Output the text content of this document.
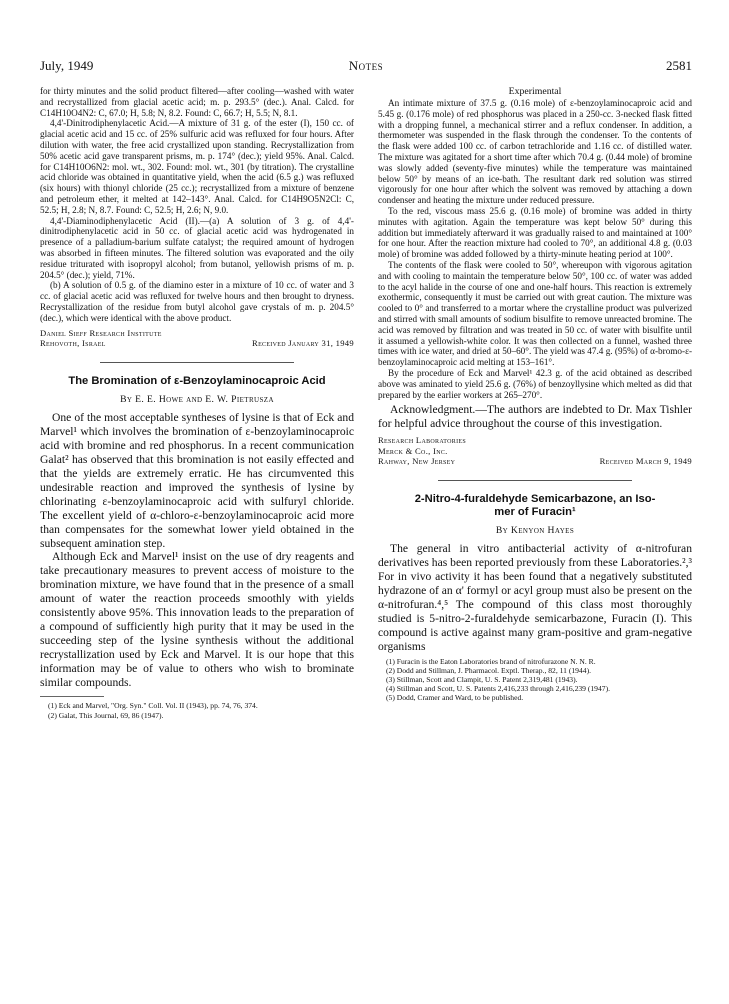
July, 1949	Notes	2581

for thirty minutes and the solid product filtered—after cooling—washed with water and recrystallized from glacial acetic acid; m. p. 293.5° (dec.). Anal. Calcd. for C14H10O4N2: C, 67.0; H, 5.8; N, 8.2. Found: C, 66.7; H, 5.5; N, 8.1.

4,4'-Dinitrodiphenylacetic Acid.—A mixture of 31 g. of the ester (I), 150 cc. of glacial acetic acid and 15 cc. of 25% sulfuric acid was refluxed for four hours. After dilution with water, the free acid crystallized upon standing. Recrystallization from 50% acetic acid gave transparent prisms, m. p. 174° (dec.); yield 95%. Anal. Calcd. for C14H10O6N2: mol. wt., 302. Found: mol. wt., 301 (by titration). The crystalline acid chloride was obtained in quantitative yield, when the acid (6.5 g.) was refluxed (six hours) with thionyl chloride (25 cc.); recrystallized from a mixture of benzene and petroleum ether, it melted at 142–143°. Anal. Calcd. for C14H9O5N2Cl: C, 52.5; H, 2.8; N, 8.7. Found: C, 52.5; H, 2.6; N, 9.0.

4,4'-Diaminodiphenylacetic Acid (II).—(a) A solution of 3 g. of 4,4'-dinitrodiphenylacetic acid in 50 cc. of glacial acetic acid was hydrogenated in presence of a palladium-barium sulfate catalyst; the required amount of hydrogen was absorbed in fifteen minutes. The filtered solution was evaporated and the oily residue triturated with isopropyl alcohol; from butanol, yellowish prisms of m. p. 204.5° (dec.); yield, 71%.

(b) A solution of 0.5 g. of the diamino ester in a mixture of 10 cc. of water and 3 cc. of glacial acetic acid was refluxed for twelve hours and then brought to dryness. Recrystallization of the residue from butyl alcohol gave crystals of m. p. 204.5° (dec.), which were identical with the above product.

Daniel Sieff Research Institute
Rehovoth, Israel	Received January 31, 1949

The Bromination of ε-Benzoylaminocaproic Acid

By E. E. Howe and E. W. Pietrusza

One of the most acceptable syntheses of lysine is that of Eck and Marvel¹ which involves the bromination of ε-benzoylaminocaproic acid with bromine and red phosphorus. In a recent communication Galat² has observed that this bromination is not easily effected and that the yields are extremely erratic. He has circumvented this undesirable reaction and improved the synthesis of lysine by chlorinating ε-benzoylaminocaproic acid with sulfuryl chloride. The excellent yield of α-chloro-ε-benzoylaminocaproic acid more than compensates for the somewhat lower yield obtained in the subsequent amination step.

Although Eck and Marvel¹ insist on the use of dry reagents and take precautionary measures to prevent access of moisture to the bromination mixture, we have found that in the presence of a small amount of water the reaction proceeds smoothly with yields consistently above 95%. This innovation leads to the preparation of a compound of sufficiently high purity that it may be used in the succeeding step of the lysine synthesis without the additional recrystallization used by Eck and Marvel. It is our hope that this information may be of value to others who wish to brominate similar compounds.

(1) Eck and Marvel, "Org. Syn." Coll. Vol. II (1943), pp. 74, 76, 374.

(2) Galat, This Journal, 69, 86 (1947).

Experimental

An intimate mixture of 37.5 g. (0.16 mole) of ε-benzoylaminocaproic acid and 5.45 g. (0.176 mole) of red phosphorus was placed in a 250-cc. 3-necked flask fitted with a dropping funnel, a mechanical stirrer and a reflux condenser. In addition, a thermometer was suspended in the flask through the condenser. To the contents of the flask were added 100 cc. of carbon tetrachloride and 1.16 cc. of distilled water. The mixture was agitated for a short time after which 70.4 g. (0.44 mole) of bromine was slowly added (seventy-five minutes) while the temperature was maintained below 50° by means of an ice-bath. The resultant dark red solution was stirred vigorously for one hour after which the solvent was removed by attaching a down condenser and heating the mixture under reduced pressure.

To the red, viscous mass 25.6 g. (0.16 mole) of bromine was added in thirty minutes with agitation. Again the temperature was kept below 50° during this addition but immediately afterward it was gradually raised to and maintained at 100° for one hour. After the reaction mixture had cooled to 70°, an additional 4.8 g. (0.03 mole) of bromine was added followed by a thirty-minute heating period at 100°.

The contents of the flask were cooled to 50°, whereupon with vigorous agitation and with cooling to maintain the temperature below 50°, 100 cc. of water was added to the acyl halide in the course of one and one-half hours. This reaction is extremely exothermic, consequently it must be carried out with great caution. The mixture was cooled to 0° and transferred to a mortar where the crystalline product was pulverized and stirred with small amounts of sodium bisulfite to remove unreacted bromine. The acid was removed by filtration and was treated in 50 cc. of water with bisulfite until it assumed a yellowish-white color. It was then collected on a funnel, washed three times with ice water, and dried at 50–60°. The yield was 47.4 g. (95%) of α-bromo-ε-benzoylaminocaproic acid melting at 153–161°.

By the procedure of Eck and Marvel¹ 42.3 g. of the acid obtained as described above was aminated to yield 25.6 g. (76%) of benzoyllysine which melted as did that prepared by the earlier workers at 265–270°.

Acknowledgment.—The authors are indebted to Dr. Max Tishler for helpful advice throughout the course of this investigation.

Research Laboratories
Merck & Co., Inc.
Rahway, New Jersey	Received March 9, 1949

2-Nitro-4-furaldehyde Semicarbazone, an Iso-

mer of Furacin¹

By Kenyon Hayes

The general in vitro antibacterial activity of α-nitrofuran derivatives has been reported previously from these Laboratories.²,³ For in vivo activity it has been found that a negatively substituted hydrazone of an α' formyl or acyl group must also be present on the α-nitrofuran.⁴,⁵ The compound of this class most thoroughly studied is 5-nitro-2-furaldehyde semicarbazone, Furacin (I). This compound is active against many gram-positive and gram-negative organisms

(1) Furacin is the Eaton Laboratories brand of nitrofurazone N. N. R.

(2) Dodd and Stillman, J. Pharmacol. Exptl. Therap., 82, 11 (1944).

(3) Stillman, Scott and Clampit, U. S. Patent 2,319,481 (1943).

(4) Stillman and Scott, U. S. Patents 2,416,233 through 2,416,239 (1947).

(5) Dodd, Cramer and Ward, to be published.
